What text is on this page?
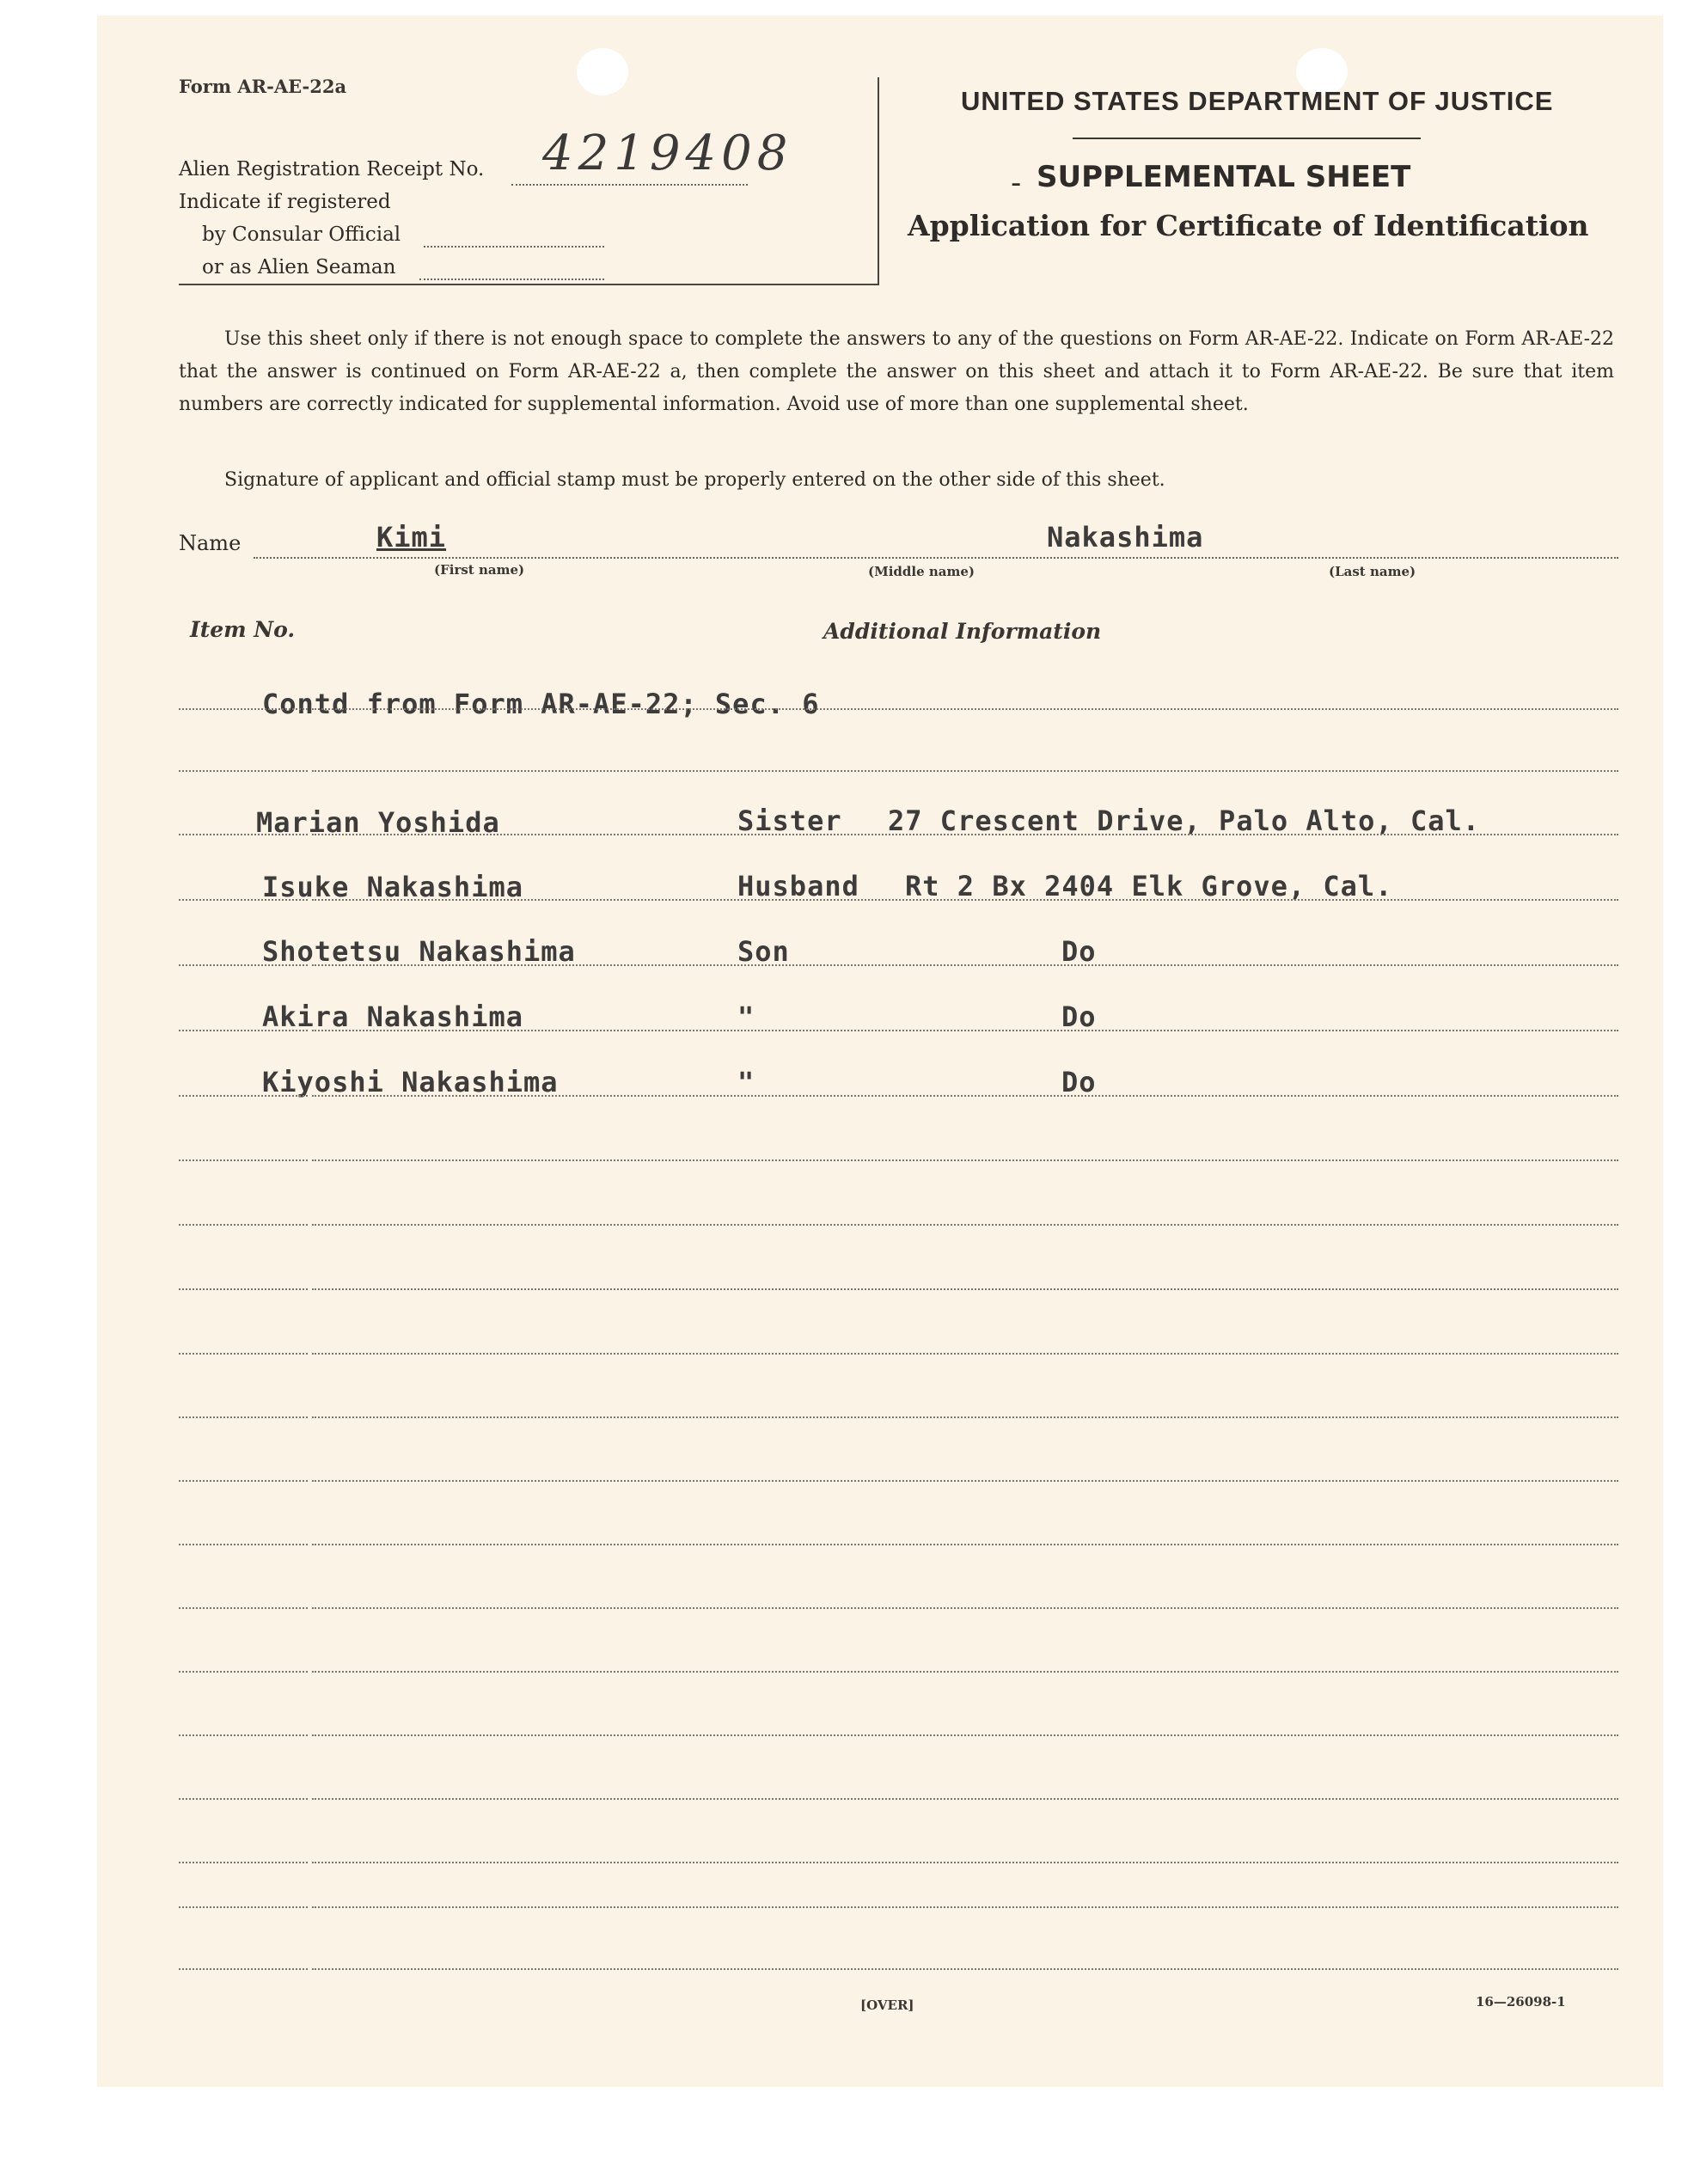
Form AR-AE-22a
Alien Registration Receipt No. 4219408
Indicate if registered
by Consular Official
or as Alien Seaman
UNITED STATES DEPARTMENT OF JUSTICE
- SUPPLEMENTAL SHEET
Application for Certificate of Identification
Use this sheet only if there is not enough space to complete the answers to any of the questions on Form AR-AE-22. Indicate on Form AR-AE-22 that the answer is continued on Form AR-AE-22 a, then complete the answer on this sheet and attach it to Form AR-AE-22. Be sure that item numbers are correctly indicated for supplemental information. Avoid use of more than one supplemental sheet.
Signature of applicant and official stamp must be properly entered on the other side of this sheet.
Name	Kimi	Nakashima
(First name)	(Middle name)	(Last name)
Item No.	Additional Information
Contd from Form AR-AE-22; Sec. 6
Marian Yoshida	Sister 27 Crescent Drive, Palo Alto, Cal.
Isuke Nakashima	Husband Rt 2 Bx 2404 Elk Grove, Cal.
Shotetsu Nakashima	Son	Do
Akira Nakashima	"	Do
Kiyoshi Nakashima	"	Do
[OVER]	16—26098-1
